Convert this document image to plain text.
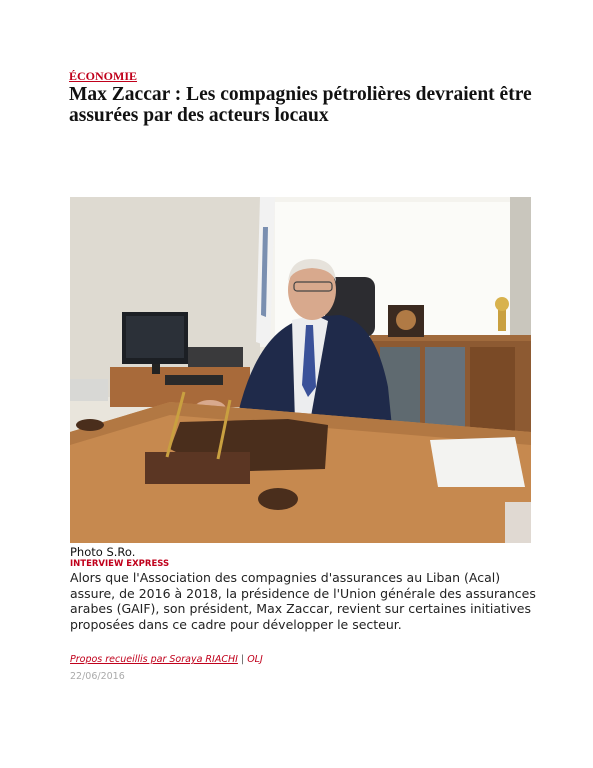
ÉCONOMIE
Max Zaccar : Les compagnies pétrolières devraient être assurées par des acteurs locaux
Photo S.Ro.
INTERVIEW EXPRESS

Alors que l'Association des compagnies d'assurances au Liban (Acal) assure, de 2016 à 2018, la présidence de l'Union générale des assurances arabes (GAIF), son président, Max Zaccar, revient sur certaines initiatives proposées dans ce cadre pour développer le secteur.

Propos recueillis par Soraya RIACHI | OLJ
22/06/2016
